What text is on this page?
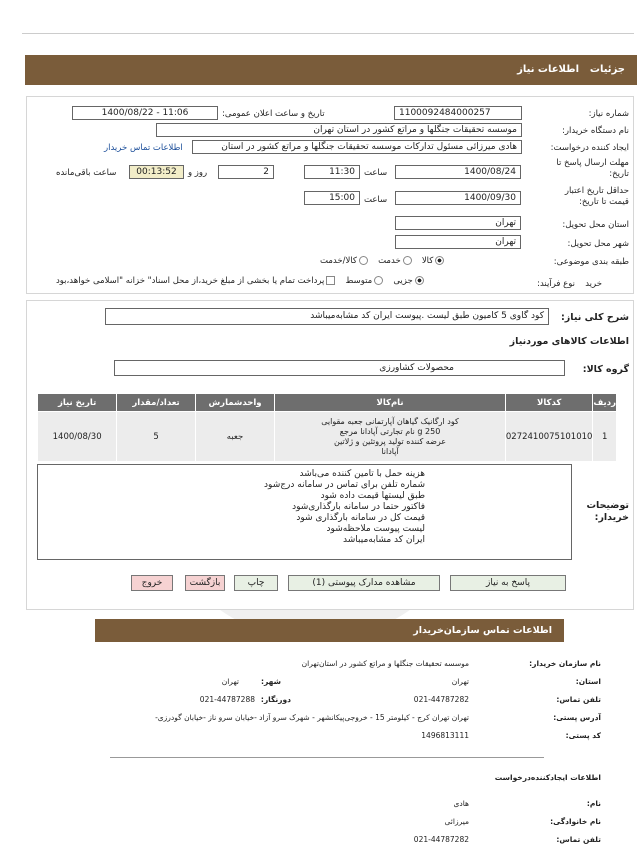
جزئیات
اطلاعات نیاز
شماره نیاز:
1100092484000257
تاریخ و ساعت اعلان عمومی:
1400/08/22 - 11:06
نام دستگاه خریدار:
موسسه تحقیقات جنگلها و مراتع کشور در استان تهران
ایجاد کننده درخواست:
هادی میرزائی مسئول تدارکات موسسه تحقیقات جنگلها و مراتع کشور در استان
اطلاعات تماس خریدار
مهلت ارسال پاسخ تا تاریخ:
1400/08/24
ساعت
11:30
2
روز و
00:13:52
ساعت باقی‌مانده
حداقل تاریخ اعتبار قیمت تا تاریخ:
1400/09/30
ساعت
15:00
استان محل تحویل:
تهران
شهر محل تحویل:
تهران
طبقه بندی موضوعی:
کالا   خدمت   کالا/خدمت
نوع فرآیند: خرید
جزیی   متوسط   پرداخت تمام یا بخشی از مبلغ خرید،از محل اسناد" خزانه "اسلامی خواهد،بود
شرح کلی نیاز:
کود گاوی 5 کامیون طبق لیست .پیوست ایران کد مشابه‌میباشد
اطلاعات کالاهای موردنیاز
گروه کالا:
محصولات کشاورزی
ردیف	کدکالا	نام‌کالا	واحدشمارش	تعداد/مقدار	تاریخ نیاز
1	0272410075101010	کود ارگانیک گیاهان آپارتمانی جعبه مقوایی
250 g نام تجارتی آپادانا مرجع
عرضه کننده تولید پروتئین و ژلاتین
آپادانا	جعبه	5	1400/08/30
توضیحات خریدار:
هزینه حمل با تامین کننده می‌باشد
شماره تلفن برای تماس در سامانه درج‌شود
طبق لیستها قیمت داده شود
فاکتور حتما در سامانه بارگذاری‌شود
قیمت کل در سامانه بارگذاری شود
لیست پیوست ملاحظه‌شود
ایران کد مشابه‌میباشد
پاسخ به نیاز
مشاهده مدارک پیوستی (1)
چاپ
بازگشت
خروج
اطلاعات تماس سازمان‌خریدار
نام سازمان خریدار:
موسسه تحقیقات جنگلها و مراتع کشور در استان‌تهران
استان:
تهران
شهر:
تهران
تلفن تماس:
021-44787282
دورنگار:
021-44787288
آدرس پستی:
تهران تهران کرج - کیلومتر 15 - خروجی‌پیکانشهر - شهرک سرو آزاد -خیابان سرو ناز -خیابان گودرزی-
کد پستی:
1496813111
اطلاعات ایجادکننده‌درخواست
نام:
هادی
نام خانوادگی:
میرزائی
تلفن تماس:
021-44787282
